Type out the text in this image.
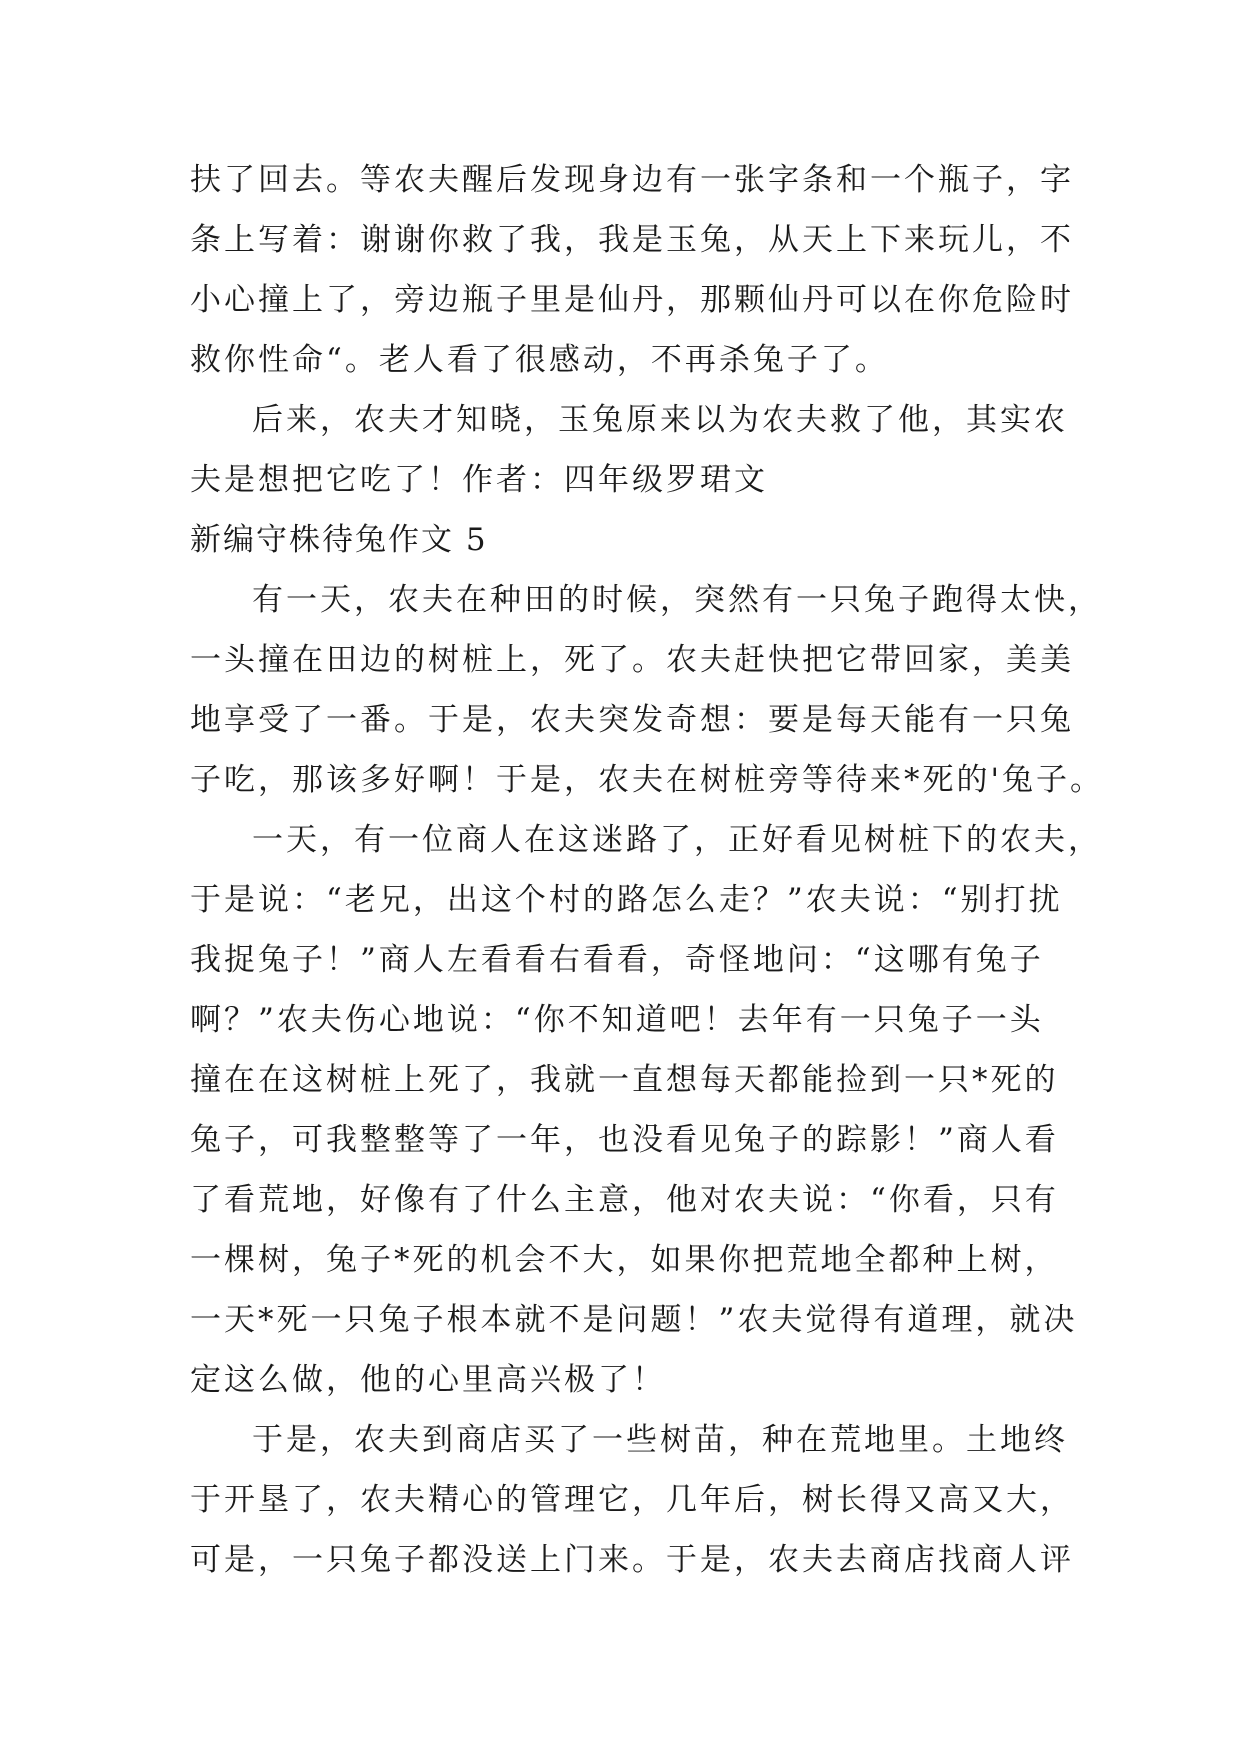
扶了回去。等农夫醒后发现身边有一张字条和一个瓶子，字
条上写着：谢谢你救了我，我是玉兔，从天上下来玩儿，不
小心撞上了，旁边瓶子里是仙丹，那颗仙丹可以在你危险时
救你性命“。老人看了很感动，不再杀兔子了。
后来，农夫才知晓，玉兔原来以为农夫救了他，其实农
夫是想把它吃了！作者：四年级罗珺文
新编守株待兔作文 5
有一天，农夫在种田的时候，突然有一只兔子跑得太快，
一头撞在田边的树桩上，死了。农夫赶快把它带回家，美美
地享受了一番。于是，农夫突发奇想：要是每天能有一只兔
子吃，那该多好啊！于是，农夫在树桩旁等待来*死的'兔子。
一天，有一位商人在这迷路了，正好看见树桩下的农夫，
于是说：“老兄，出这个村的路怎么走？”农夫说：“别打扰
我捉兔子！”商人左看看右看看，奇怪地问：“这哪有兔子
啊？”农夫伤心地说：“你不知道吧！去年有一只兔子一头
撞在在这树桩上死了，我就一直想每天都能捡到一只*死的
兔子，可我整整等了一年，也没看见兔子的踪影！”商人看
了看荒地，好像有了什么主意，他对农夫说：“你看，只有
一棵树，兔子*死的机会不大，如果你把荒地全都种上树，
一天*死一只兔子根本就不是问题！”农夫觉得有道理，就决
定这么做，他的心里高兴极了！
于是，农夫到商店买了一些树苗，种在荒地里。土地终
于开垦了，农夫精心的管理它，几年后，树长得又高又大，
可是，一只兔子都没送上门来。于是，农夫去商店找商人评
